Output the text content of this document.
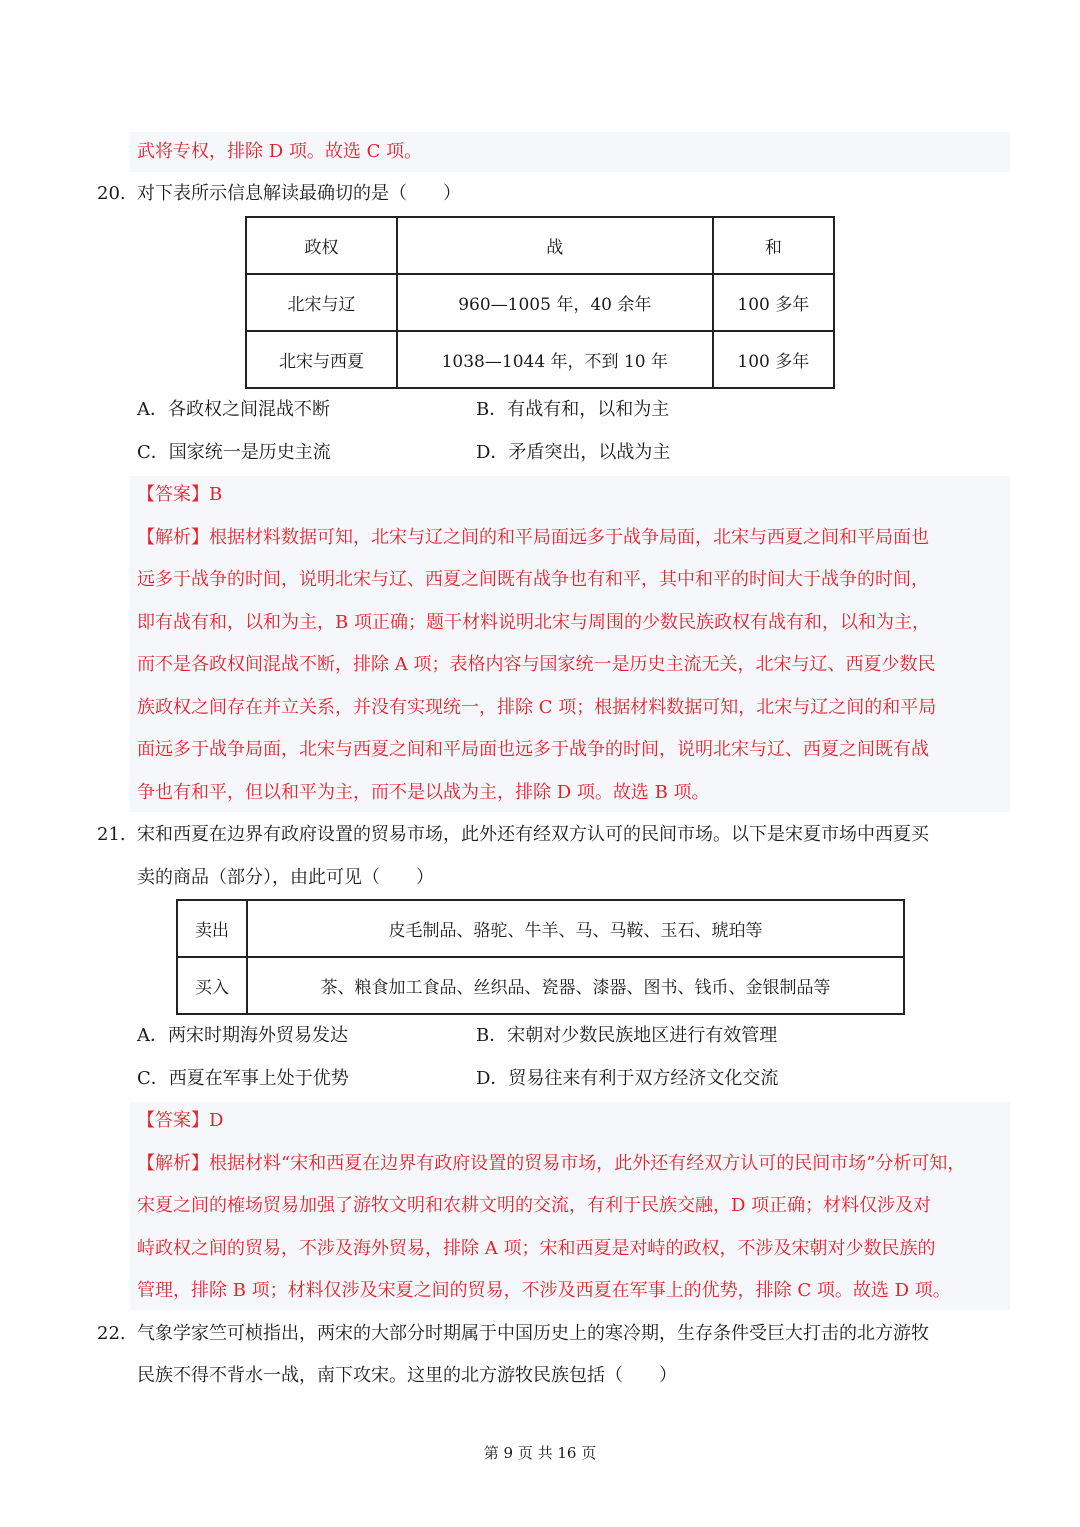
武将专权，排除 D 项。故选 C 项。
20. 对下表所示信息解读最确切的是（　　）
政权	战	和
北宋与辽	960—1005 年，40 余年	100 多年
北宋与西夏	1038—1044 年，不到 10 年	100 多年
A．各政权之间混战不断	B．有战有和，以和为主
C．国家统一是历史主流	D．矛盾突出，以战为主
【答案】B
【解析】根据材料数据可知，北宋与辽之间的和平局面远多于战争局面，北宋与西夏之间和平局面也
远多于战争的时间，说明北宋与辽、西夏之间既有战争也有和平，其中和平的时间大于战争的时间，
即有战有和，以和为主，B 项正确；题干材料说明北宋与周围的少数民族政权有战有和，以和为主，
而不是各政权间混战不断，排除 A 项；表格内容与国家统一是历史主流无关，北宋与辽、西夏少数民
族政权之间存在并立关系，并没有实现统一，排除 C 项；根据材料数据可知，北宋与辽之间的和平局
面远多于战争局面，北宋与西夏之间和平局面也远多于战争的时间，说明北宋与辽、西夏之间既有战
争也有和平，但以和平为主，而不是以战为主，排除 D 项。故选 B 项。
21. 宋和西夏在边界有政府设置的贸易市场，此外还有经双方认可的民间市场。以下是宋夏市场中西夏买
卖的商品（部分），由此可见（　　）
卖出	皮毛制品、骆驼、牛羊、马、马鞍、玉石、琥珀等
买入	茶、粮食加工食品、丝织品、瓷器、漆器、图书、钱币、金银制品等
A．两宋时期海外贸易发达	B．宋朝对少数民族地区进行有效管理
C．西夏在军事上处于优势	D．贸易往来有利于双方经济文化交流
【答案】D
【解析】根据材料“宋和西夏在边界有政府设置的贸易市场，此外还有经双方认可的民间市场”分析可知，
宋夏之间的榷场贸易加强了游牧文明和农耕文明的交流，有利于民族交融，D 项正确；材料仅涉及对
峙政权之间的贸易，不涉及海外贸易，排除 A 项；宋和西夏是对峙的政权，不涉及宋朝对少数民族的
管理，排除 B 项；材料仅涉及宋夏之间的贸易，不涉及西夏在军事上的优势，排除 C 项。故选 D 项。
22. 气象学家竺可桢指出，两宋的大部分时期属于中国历史上的寒冷期，生存条件受巨大打击的北方游牧
民族不得不背水一战，南下攻宋。这里的北方游牧民族包括（　　）
第 9 页 共 16 页
